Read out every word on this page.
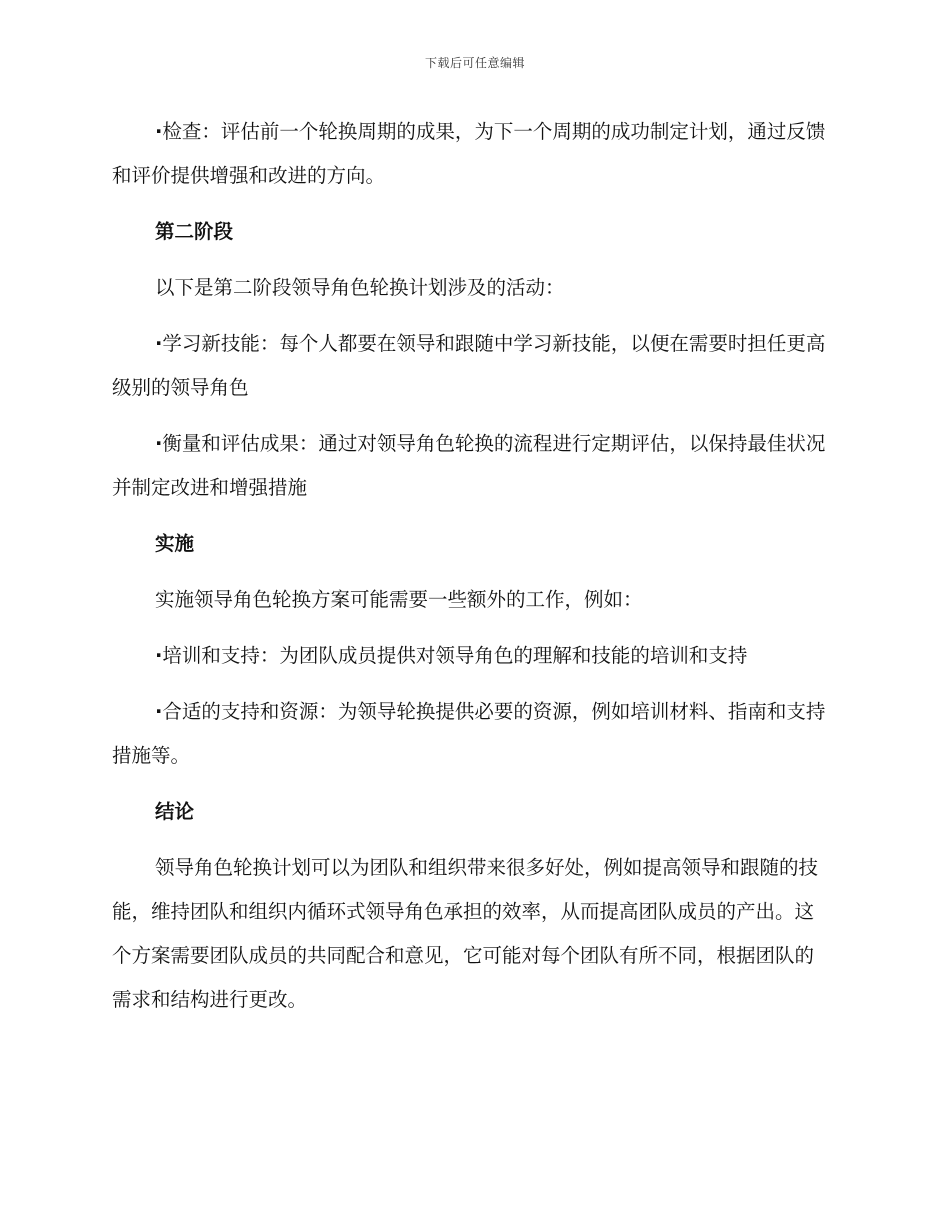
下载后可任意编辑

·检查：评估前一个轮换周期的成果，为下一个周期的成功制定计划，通过反馈和评价提供增强和改进的方向。

第二阶段

以下是第二阶段领导角色轮换计划涉及的活动：

·学习新技能：每个人都要在领导和跟随中学习新技能，以便在需要时担任更高级别的领导角色

·衡量和评估成果：通过对领导角色轮换的流程进行定期评估，以保持最佳状况并制定改进和增强措施

实施

实施领导角色轮换方案可能需要一些额外的工作，例如：

·培训和支持：为团队成员提供对领导角色的理解和技能的培训和支持

·合适的支持和资源：为领导轮换提供必要的资源，例如培训材料、指南和支持措施等。

结论

领导角色轮换计划可以为团队和组织带来很多好处，例如提高领导和跟随的技能，维持团队和组织内循环式领导角色承担的效率，从而提高团队成员的产出。这个方案需要团队成员的共同配合和意见，它可能对每个团队有所不同，根据团队的需求和结构进行更改。
